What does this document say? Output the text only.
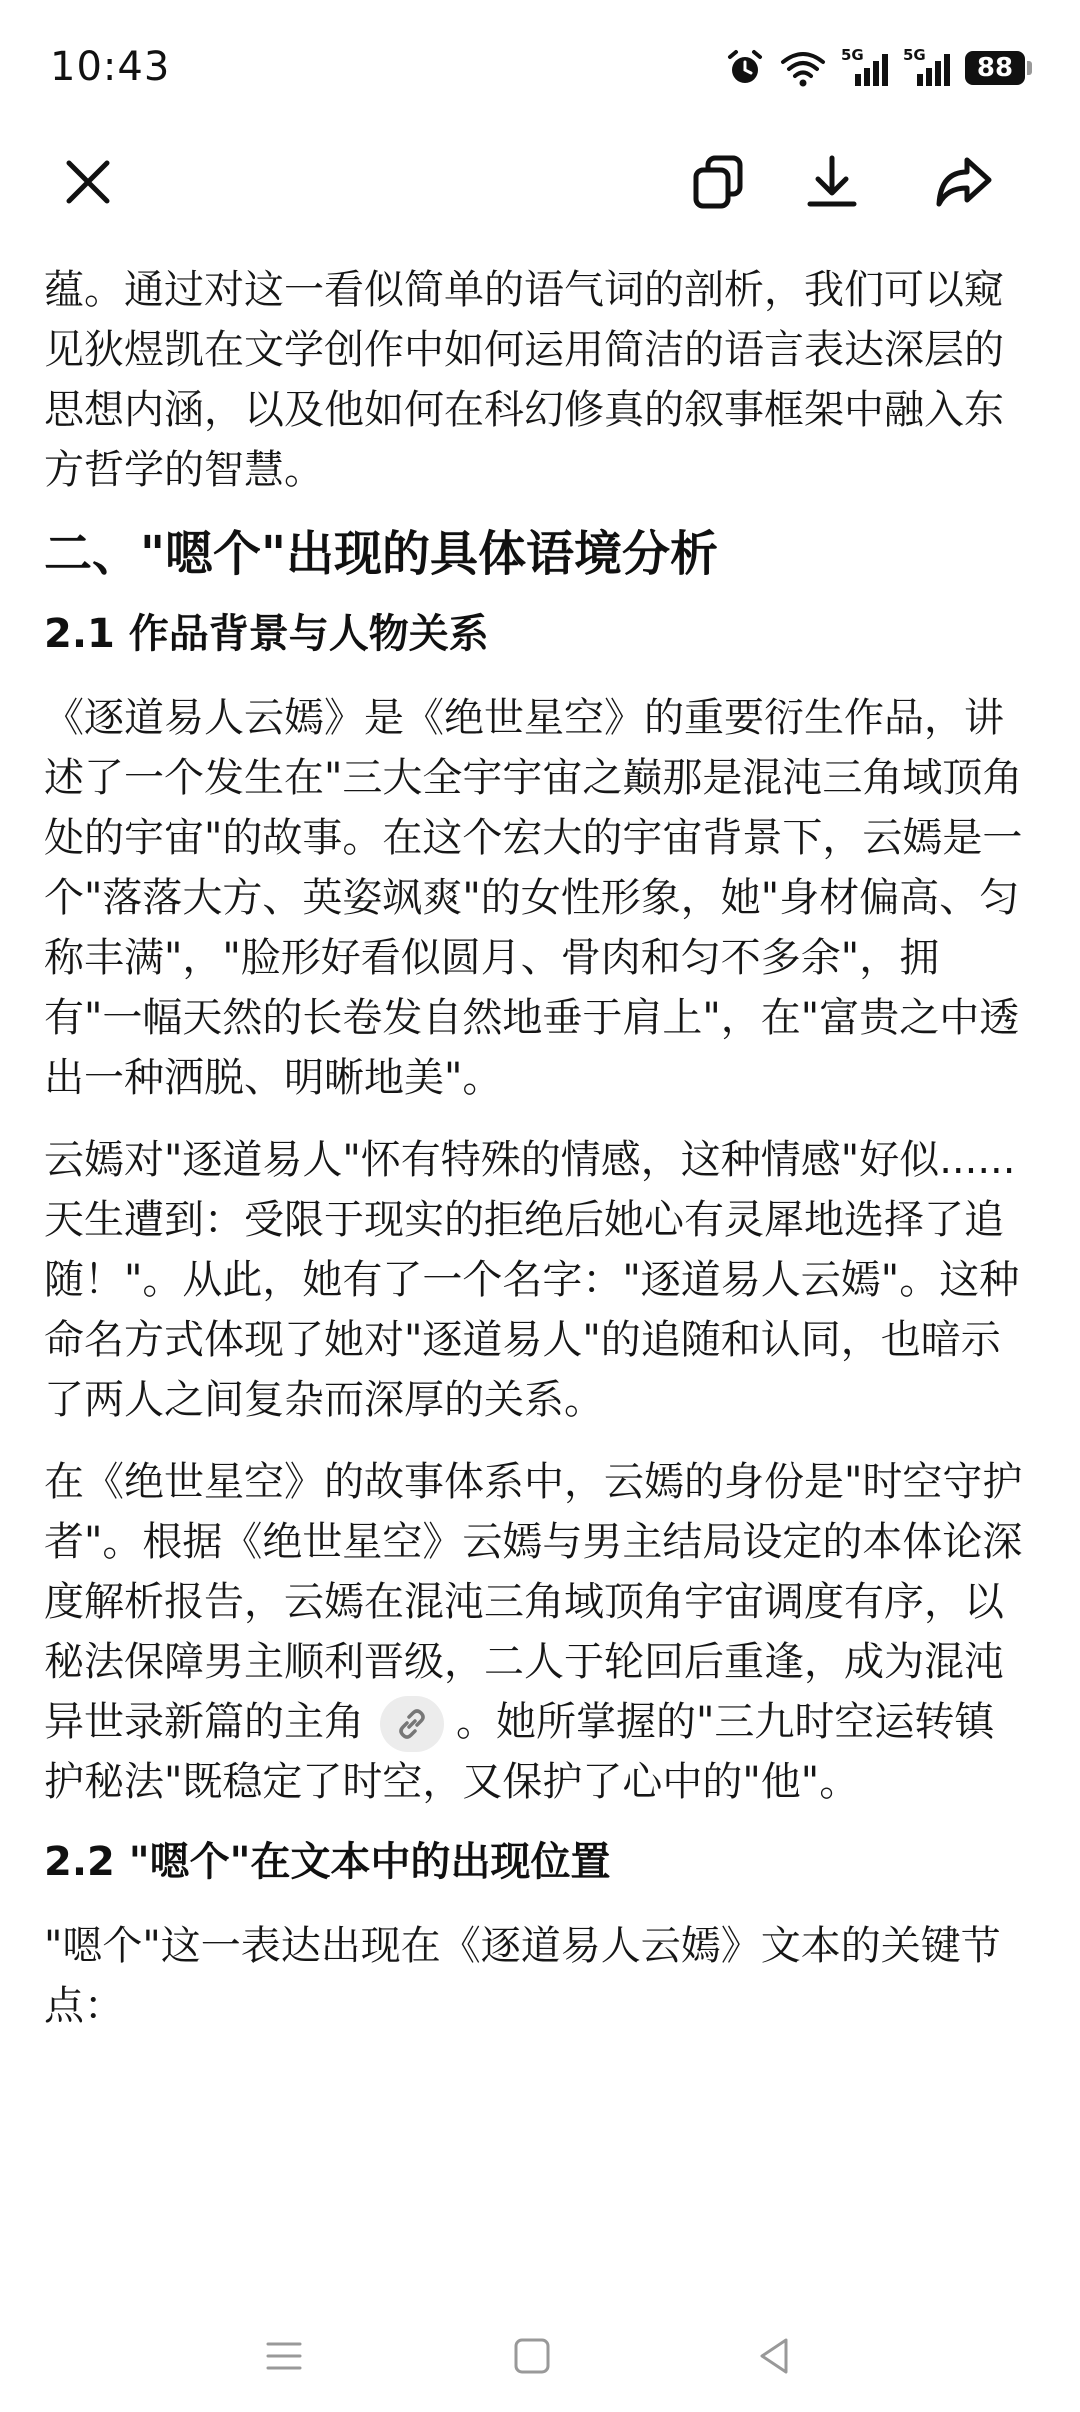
10:43	5G	5G	88

蕴。通过对这一看似简单的语气词的剖析，我们可以窥见狄煜凯在文学创作中如何运用简洁的语言表达深层的思想内涵，以及他如何在科幻修真的叙事框架中融入东方哲学的智慧。

二、"嗯个"出现的具体语境分析
2.1 作品背景与人物关系

《逐道易人云嫣》是《绝世星空》的重要衍生作品，讲述了一个发生在"三大全宇宇宙之巅那是混沌三角域顶角处的宇宙"的故事。在这个宏大的宇宙背景下，云嫣是一个"落落大方、英姿飒爽"的女性形象，她"身材偏高、匀称丰满"，"脸形好看似圆月、骨肉和匀不多余"，拥有"一幅天然的长卷发自然地垂于肩上"，在"富贵之中透出一种洒脱、明晰地美"。

云嫣对"逐道易人"怀有特殊的情感，这种情感"好似......天生遭到：受限于现实的拒绝后她心有灵犀地选择了追随！"。从此，她有了一个名字："逐道易人云嫣"。这种命名方式体现了她对"逐道易人"的追随和认同，也暗示了两人之间复杂而深厚的关系。

在《绝世星空》的故事体系中，云嫣的身份是"时空守护者"。根据《绝世星空》云嫣与男主结局设定的本体论深度解析报告，云嫣在混沌三角域顶角宇宙调度有序，以秘法保障男主顺利晋级，二人于轮回后重逢，成为混沌异世录新篇的主角 。她所掌握的"三九时空运转镇护秘法"既稳定了时空，又保护了心中的"他"。

2.2 "嗯个"在文本中的出现位置

"嗯个"这一表达出现在《逐道易人云嫣》文本的关键节点：
